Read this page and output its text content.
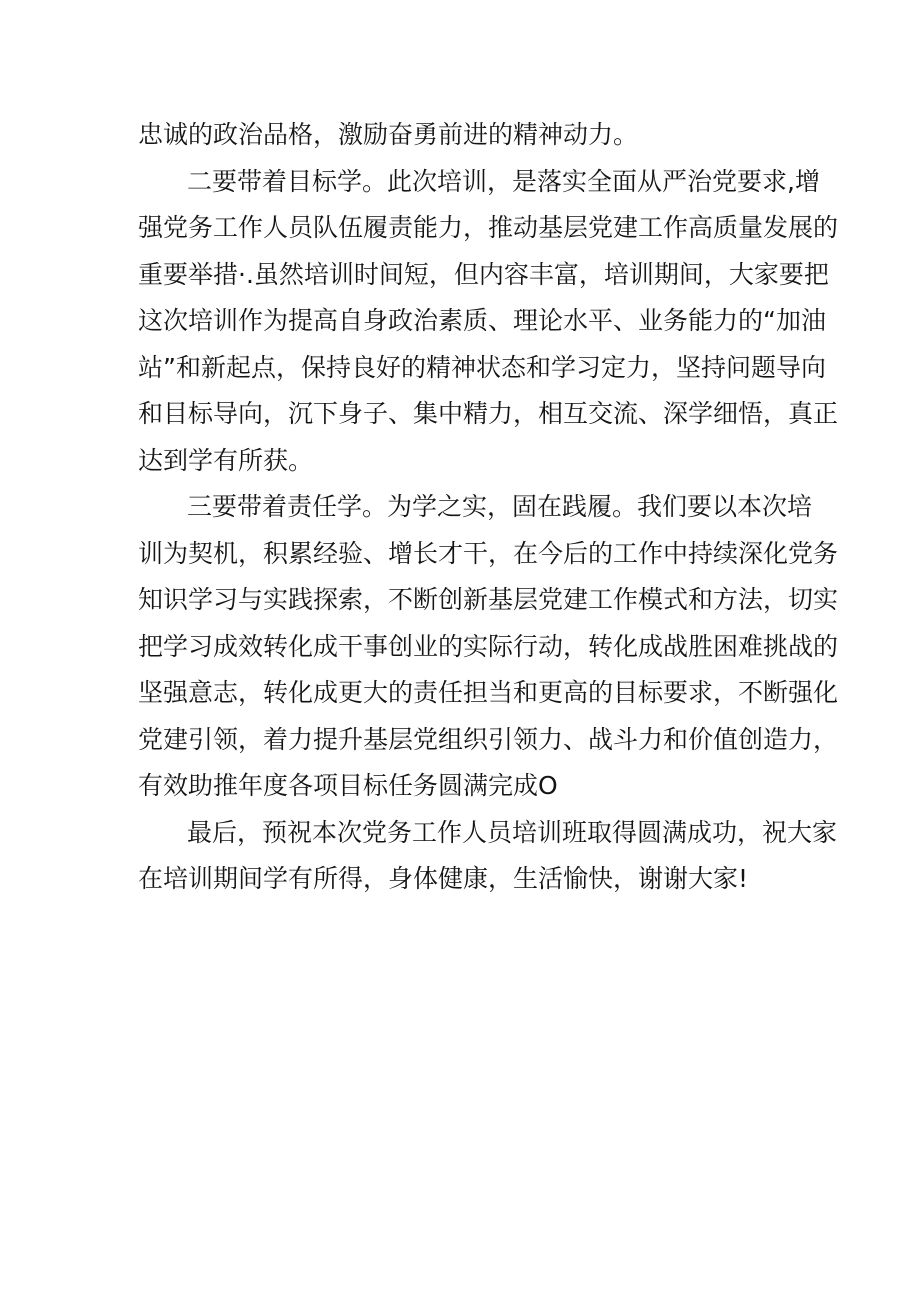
忠诚的政治品格，激励奋勇前进的精神动力。
二要带着目标学。此次培训，是落实全面从严治党要求,增
强党务工作人员队伍履责能力，推动基层党建工作高质量发展的
重要举措·.虽然培训时间短，但内容丰富，培训期间，大家要把
这次培训作为提高自身政治素质、理论水平、业务能力的“加油
站”和新起点，保持良好的精神状态和学习定力，坚持问题导向
和目标导向，沉下身子、集中精力，相互交流、深学细悟，真正
达到学有所获。
三要带着责任学。为学之实，固在践履。我们要以本次培
训为契机，积累经验、增长才干，在今后的工作中持续深化党务
知识学习与实践探索，不断创新基层党建工作模式和方法，切实
把学习成效转化成干事创业的实际行动，转化成战胜困难挑战的
坚强意志，转化成更大的责任担当和更高的目标要求，不断强化
党建引领，着力提升基层党组织引领力、战斗力和价值创造力，
有效助推年度各项目标任务圆满完成O
最后，预祝本次党务工作人员培训班取得圆满成功，祝大家
在培训期间学有所得，身体健康，生活愉快，谢谢大家!
